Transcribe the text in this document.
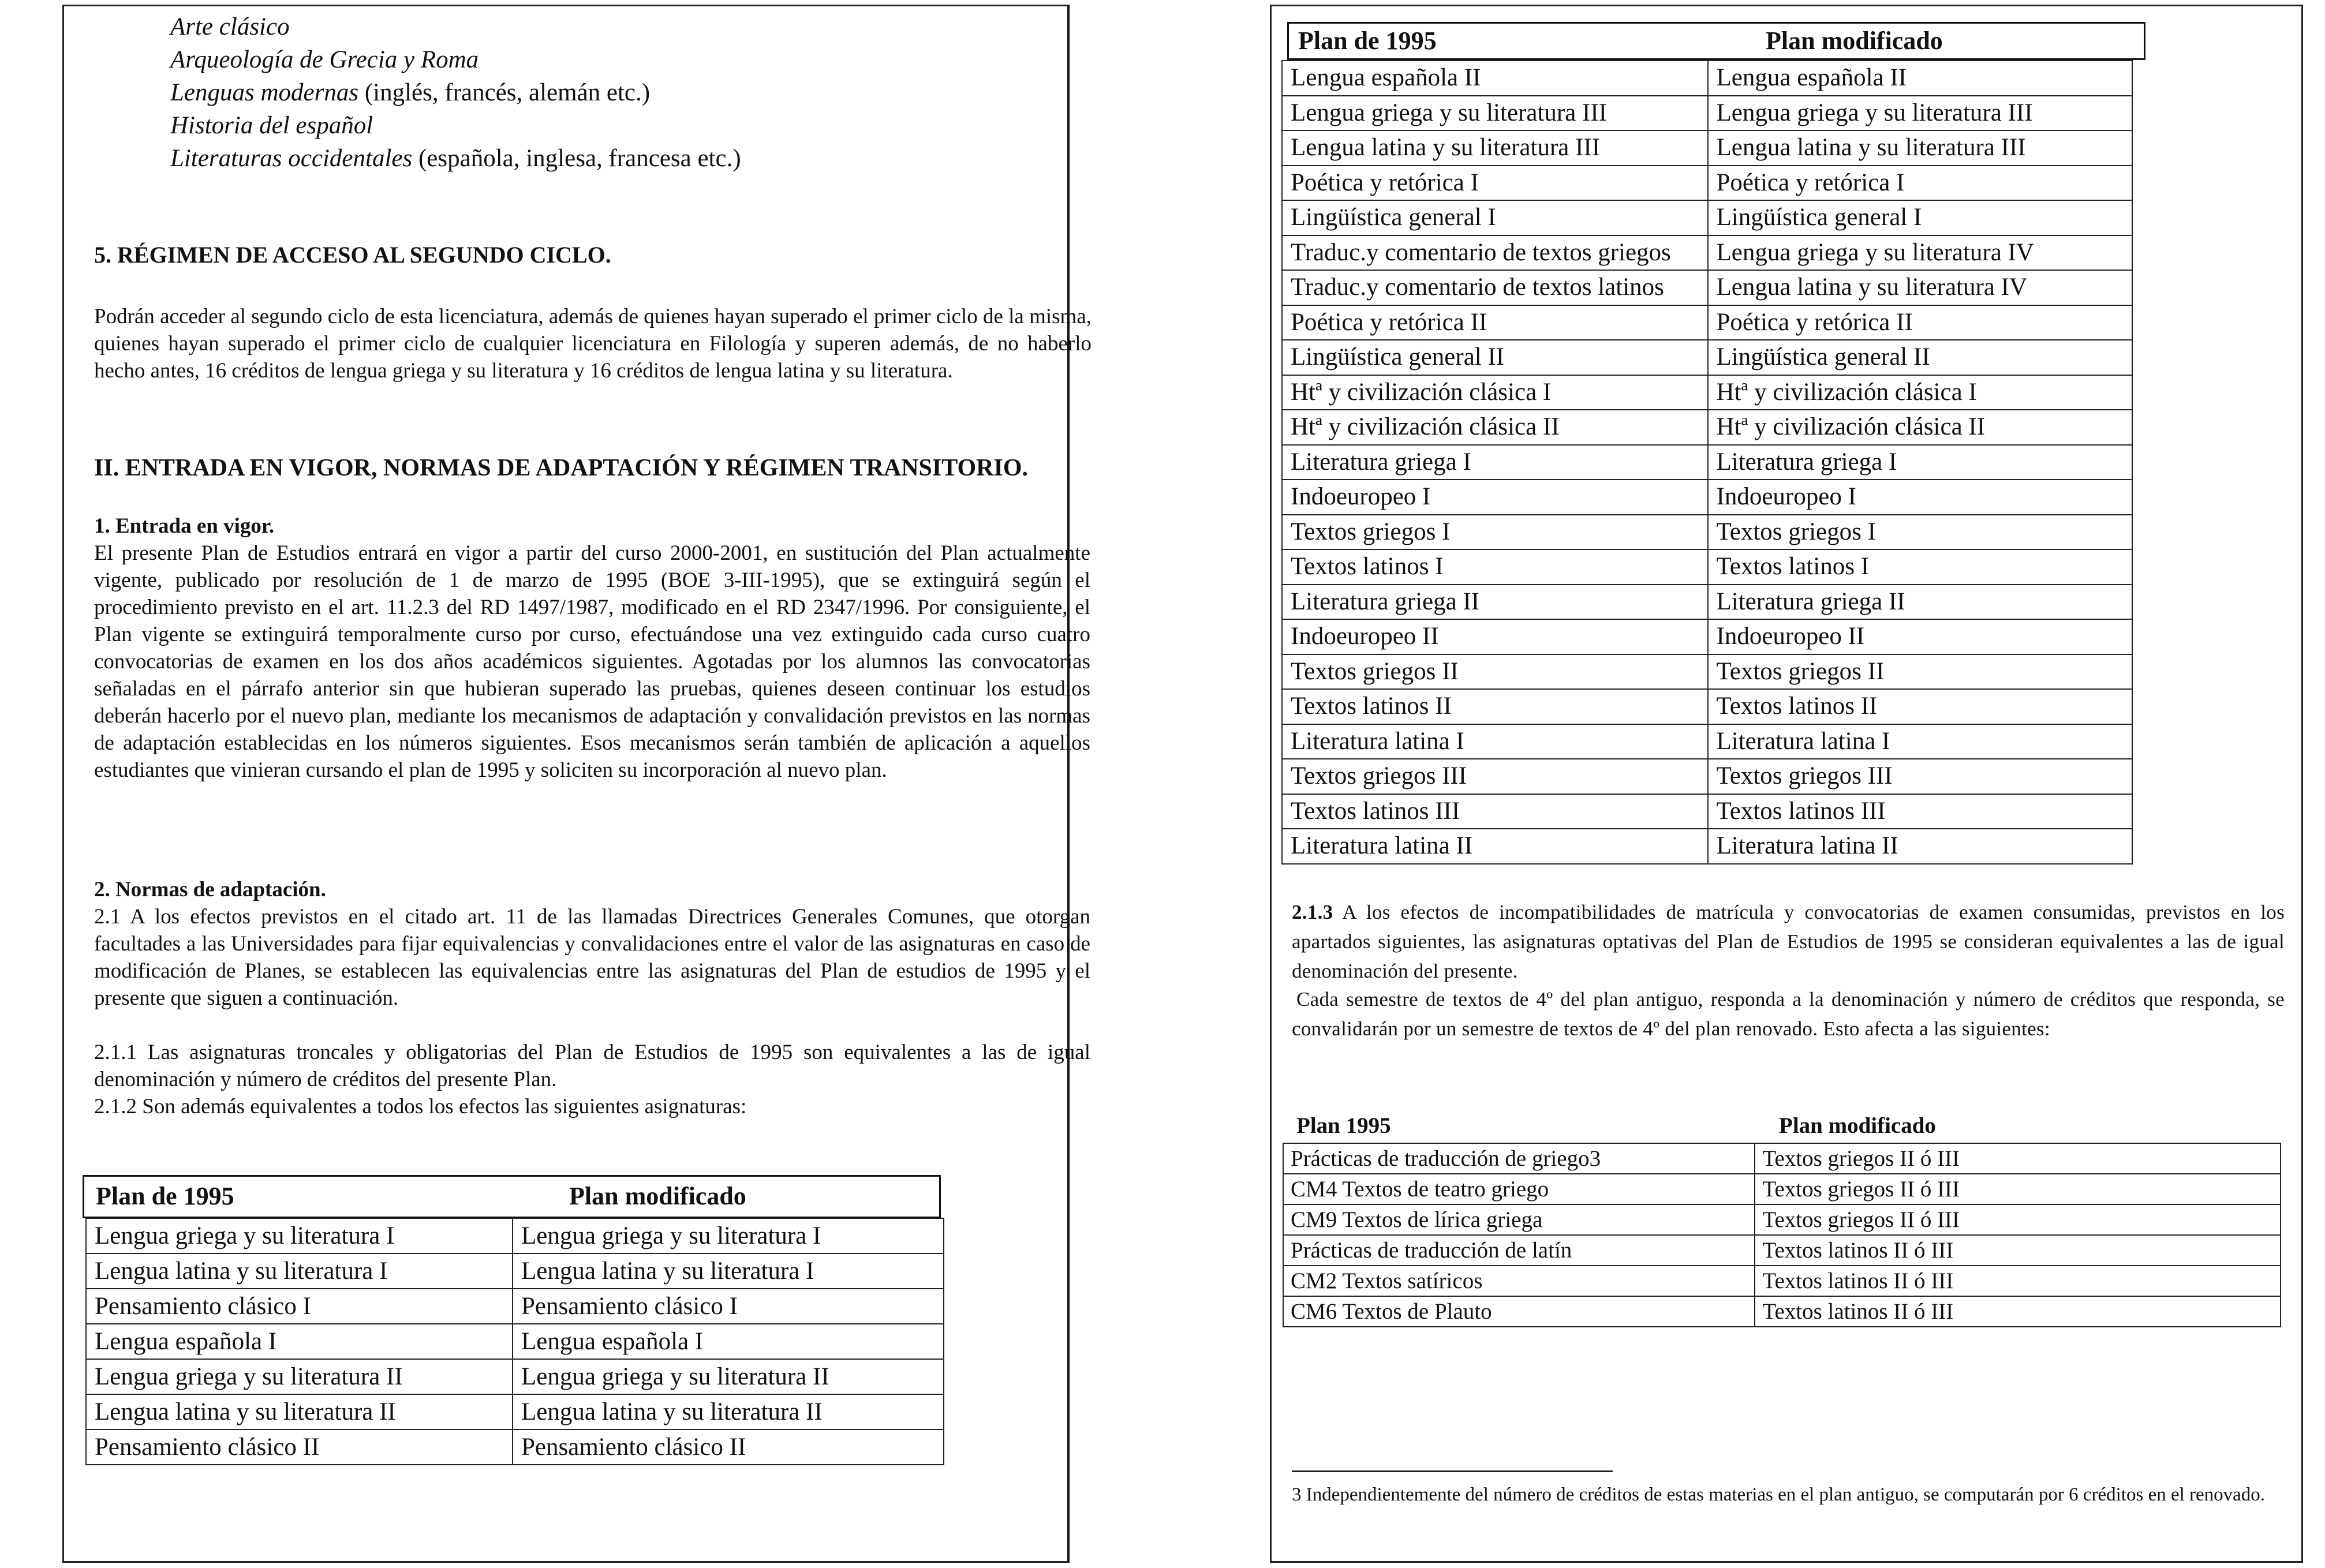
Arte clásico
Arqueología de Grecia y Roma
Lenguas modernas (inglés, francés, alemán etc.)
Historia del español
Literaturas occidentales (española, inglesa, francesa etc.)
5. RÉGIMEN DE ACCESO AL SEGUNDO CICLO.
Podrán acceder al segundo ciclo de esta licenciatura, además de quienes hayan superado el primer ciclo de la misma, quienes hayan superado el primer ciclo de cualquier licenciatura en Filología y superen además, de no haberlo hecho antes, 16 créditos de lengua griega y su literatura y 16 créditos de lengua latina y su literatura.
II. ENTRADA EN VIGOR, NORMAS DE ADAPTACIÓN Y RÉGIMEN TRANSITORIO.
1. Entrada en vigor.
El presente Plan de Estudios entrará en vigor a partir del curso 2000-2001, en sustitución del Plan actualmente vigente, publicado por resolución de 1 de marzo de 1995 (BOE 3-III-1995), que se extinguirá según el procedimiento previsto en el art. 11.2.3 del RD 1497/1987, modificado en el RD 2347/1996. Por consiguiente, el Plan vigente se extinguirá temporalmente curso por curso, efectuándose una vez extinguido cada curso cuatro convocatorias de examen en los dos años académicos siguientes. Agotadas por los alumnos las convocatorias señaladas en el párrafo anterior sin que hubieran superado las pruebas, quienes deseen continuar los estudios deberán hacerlo por el nuevo plan, mediante los mecanismos de adaptación y convalidación previstos en las normas de adaptación establecidas en los números siguientes. Esos mecanismos serán también de aplicación a aquellos estudiantes que vinieran cursando el plan de 1995 y soliciten su incorporación al nuevo plan.
2. Normas de adaptación.
2.1 A los efectos previstos en el citado art. 11 de las llamadas Directrices Generales Comunes, que otorgan facultades a las Universidades para fijar equivalencias y convalidaciones entre el valor de las asignaturas en caso de modificación de Planes, se establecen las equivalencias entre las asignaturas del Plan de estudios de 1995 y el presente que siguen a continuación.
2.1.1 Las asignaturas troncales y obligatorias del Plan de Estudios de 1995 son equivalentes a las de igual denominación y número de créditos del presente Plan.
2.1.2 Son además equivalentes a todos los efectos las siguientes asignaturas:
Plan de 1995	Plan modificado
Lengua griega y su literatura I	Lengua griega y su literatura I
Lengua latina y su literatura I	Lengua latina y su literatura I
Pensamiento clásico I	Pensamiento clásico I
Lengua española I	Lengua española I
Lengua griega y su literatura II	Lengua griega y su literatura II
Lengua latina y su literatura II	Lengua latina y su literatura II
Pensamiento clásico II	Pensamiento clásico II
Plan de 1995	Plan modificado
Lengua española II	Lengua española II
Lengua griega y su literatura III	Lengua griega y su literatura III
Lengua latina y su literatura III	Lengua latina y su literatura III
Poética y retórica I	Poética y retórica I
Lingüística general I	Lingüística general I
Traduc.y comentario de textos griegos	Lengua griega y su literatura IV
Traduc.y comentario de textos latinos	Lengua latina y su literatura IV
Poética y retórica II	Poética y retórica II
Lingüística general II	Lingüística general II
Htª y civilización clásica I	Htª y civilización clásica I
Htª y civilización clásica II	Htª y civilización clásica II
Literatura griega I	Literatura griega I
Indoeuropeo I	Indoeuropeo I
Textos griegos I	Textos griegos I
Textos latinos I	Textos latinos I
Literatura griega II	Literatura griega II
Indoeuropeo II	Indoeuropeo II
Textos griegos II	Textos griegos II
Textos latinos II	Textos latinos II
Literatura latina I	Literatura latina I
Textos griegos III	Textos griegos III
Textos latinos III	Textos latinos III
Literatura latina II	Literatura latina II
2.1.3 A los efectos de incompatibilidades de matrícula y convocatorias de examen consumidas, previstos en los apartados siguientes, las asignaturas optativas del Plan de Estudios de 1995 se consideran equivalentes a las de igual denominación del presente.
Cada semestre de textos de 4º del plan antiguo, responda a la denominación y número de créditos que responda, se convalidarán por un semestre de textos de 4º del plan renovado. Esto afecta a las siguientes:
Plan 1995	Plan modificado
Prácticas de traducción de griego3	Textos griegos II ó III
CM4 Textos de teatro griego	Textos griegos II ó III
CM9 Textos de lírica griega	Textos griegos II ó III
Prácticas de traducción de latín	Textos latinos II ó III
CM2 Textos satíricos	Textos latinos II ó III
CM6 Textos de Plauto	Textos latinos II ó III
3 Independientemente del número de créditos de estas materias en el plan antiguo, se computarán por 6 créditos en el renovado.
